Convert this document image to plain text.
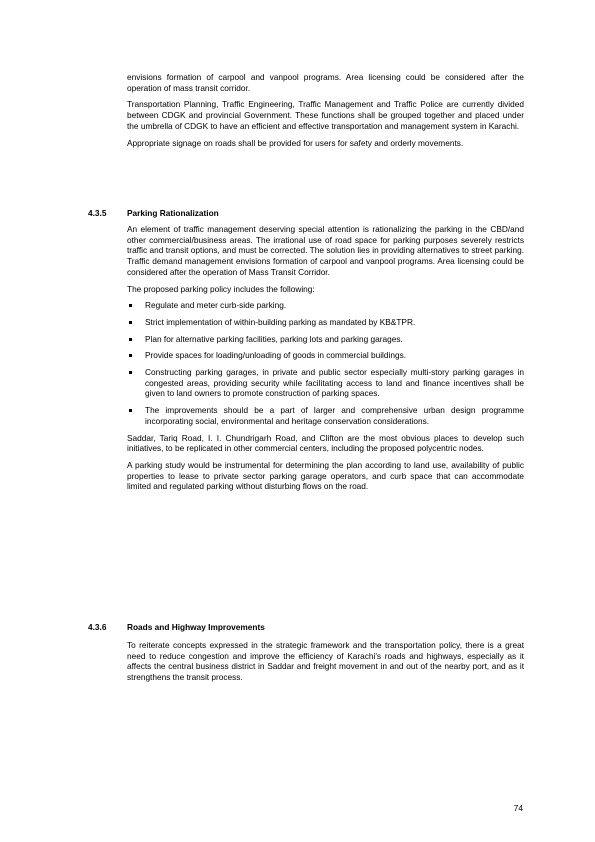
envisions formation of carpool and vanpool programs. Area licensing could be considered after the operation of mass transit corridor.

Transportation Planning, Traffic Engineering, Traffic Management and Traffic Police are currently divided between CDGK and provincial Government. These functions shall be grouped together and placed under the umbrella of CDGK to have an efficient and effective transportation and management system in Karachi.

Appropriate signage on roads shall be provided for users for safety and orderly movements.

4.3.5 Parking Rationalization

An element of traffic management deserving special attention is rationalizing the parking in the CBD/and other commercial/business areas. The irrational use of road space for parking purposes severely restricts traffic and transit options, and must be corrected. The solution lies in providing alternatives to street parking. Traffic demand management envisions formation of carpool and vanpool programs. Area licensing could be considered after the operation of Mass Transit Corridor.

The proposed parking policy includes the following:

Regulate and meter curb-side parking.
Strict implementation of within-building parking as mandated by KB&TPR.
Plan for alternative parking facilities, parking lots and parking garages.
Provide spaces for loading/unloading of goods in commercial buildings.
Constructing parking garages, in private and public sector especially multi-story parking garages in congested areas, providing security while facilitating access to land and finance incentives shall be given to land owners to promote construction of parking spaces.
The improvements should be a part of larger and comprehensive urban design programme incorporating social, environmental and heritage conservation considerations.

Saddar, Tariq Road, I. I. Chundrigarh Road, and Clifton are the most obvious places to develop such initiatives, to be replicated in other commercial centers, including the proposed polycentric nodes.

A parking study would be instrumental for determining the plan according to land use, availability of public properties to lease to private sector parking garage operators, and curb space that can accommodate limited and regulated parking without disturbing flows on the road.

4.3.6 Roads and Highway Improvements

To reiterate concepts expressed in the strategic framework and the transportation policy, there is a great need to reduce congestion and improve the efficiency of Karachi's roads and highways, especially as it affects the central business district in Saddar and freight movement in and out of the nearby port, and as it strengthens the transit process.

74
